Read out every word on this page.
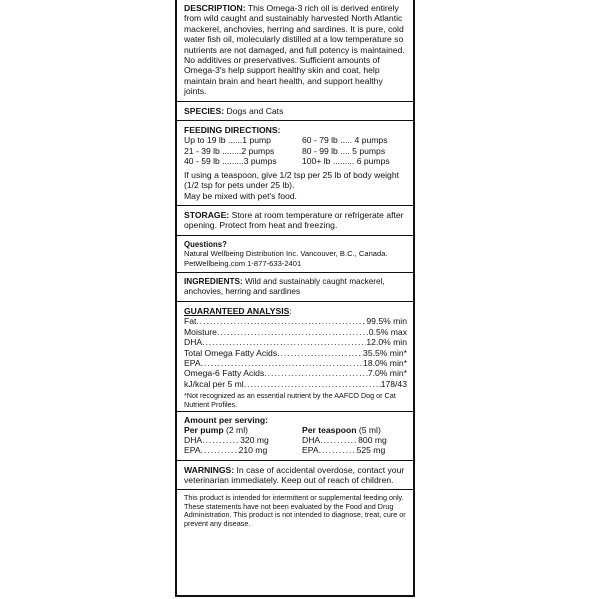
DESCRIPTION: This Omega-3 rich oil is derived entirely from wild caught and sustainably harvested North Atlantic mackerel, anchovies, herring and sardines. It is pure, cold water fish oil, molecularly distilled at a low temperature so nutrients are not damaged, and full potency is maintained. No additives or preservatives. Sufficient amounts of Omega-3's help support healthy skin and coat, help maintain brain and heart health, and support healthy joints.

SPECIES: Dogs and Cats

FEEDING DIRECTIONS:

Up to 19 lb ......1 pump	60 - 79 lb ..... 4 pumps
21 - 39 lb ........2 pumps	80 - 99 lb .... 5 pumps
40 - 59 lb .........3 pumps	100+ lb ......... 6 pumps

If using a teaspoon, give 1/2 tsp per 25 lb of body weight (1/2 tsp for pets under 25 lb).

May be mixed with pet's food.

STORAGE: Store at room temperature or refrigerate after opening. Protect from heat and freezing.

Questions?

Natural Wellbeing Distribution Inc. Vancouver, B.C., Canada.

PetWellbeing.com 1-877-633-2401

INGREDIENTS: Wild and sustainably caught mackerel, anchovies, herring and sardines

GUARANTEED ANALYSIS:

Fat .....	99.5% min
Moisture .....	0.5% max
DHA .....	12.0% min
Total Omega Fatty Acids .....	35.5% min*
EPA .....	18.0% min*
Omega-6 Fatty Acids .....	7.0% min*
kJ/kcal per 5 ml .....	178/43

*Not recognized as an essential nutrient by the AAFCO Dog or Cat Nutrient Profiles.

Amount per serving:

Per pump (2 ml)
DHA .....	320 mg
EPA .....	210 mg
Per teaspoon (5 ml)
DHA .....	800 mg
EPA .....	525 mg

WARNINGS: In case of accidental overdose, contact your veterinarian immediately. Keep out of reach of children.

This product is intended for intermittent or supplemental feeding only. These statements have not been evaluated by the Food and Drug Administration. This product is not intended to diagnose, treat, cure or prevent any disease.
